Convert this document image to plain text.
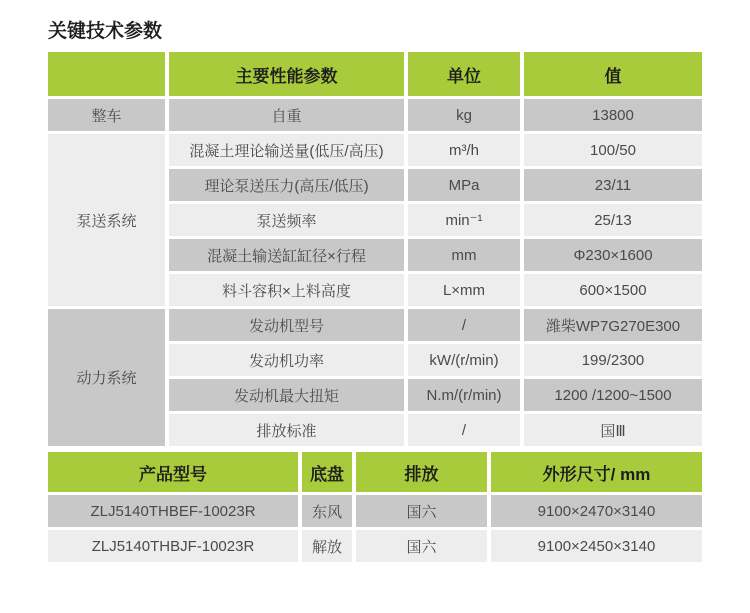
关键技术参数
	主要性能参数	单位	值
整车	自重	kg	13800
泵送系统	混凝土理论输送量(低压/高压)	m³/h	100/50
	理论泵送压力(高压/低压)	MPa	23/11
	泵送频率	min⁻¹	25/13
	混凝土输送缸缸径×行程	mm	Φ230×1600
	料斗容积×上料高度	L×mm	600×1500
动力系统	发动机型号	/	潍柴WP7G270E300
	发动机功率	kW/(r/min)	199/2300
	发动机最大扭矩	N.m/(r/min)	1200 /1200~1500
	排放标准	/	国Ⅲ
产品型号	底盘	排放	外形尺寸/ mm
ZLJ5140THBEF-10023R	东风	国六	9100×2470×3140
ZLJ5140THBJF-10023R	解放	国六	9100×2450×3140
